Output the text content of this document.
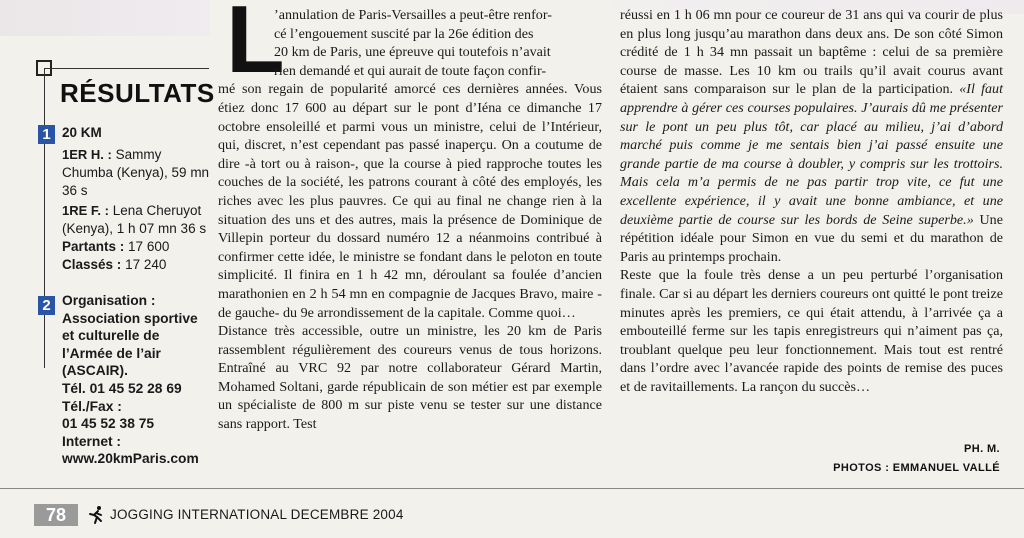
RÉSULTATS
1 20 KM
1ER H. : Sammy Chumba (Kenya), 59 mn 36 s
1RE F. : Lena Cheruyot (Kenya), 1 h 07 mn 36 s
Partants : 17 600
Classés : 17 240
2 Organisation :
Association sportive et culturelle de l’Armée de l’air (ASCAIR).
Tél. 01 45 52 28 69
Tél./Fax :
01 45 52 38 75
Internet :
www.20kmParis.com
L

’annulation de Paris-Versailles a peut-être renfor-
cé l’engouement suscité par la 26e édition des
20 km de Paris, une épreuve qui toutefois n’avait
rien demandé et qui aurait de toute façon confir-
mé son regain de popularité amorcé ces dernières années. Vous étiez donc 17 600 au départ sur le pont d’Iéna ce dimanche 17 octobre ensoleillé et parmi vous un ministre, celui de l’Intérieur, qui, discret, n’est cependant pas passé inaperçu. On a coutume de dire -à tort ou à raison-, que la course à pied rapproche toutes les couches de la société, les patrons courant à côté des employés, les riches avec les plus pauvres. Ce qui au final ne change rien à la situation des uns et des autres, mais la présence de Dominique de Villepin porteur du dossard numéro 12 a néanmoins contribué à confirmer cette idée, le ministre se fondant dans le peloton en toute simplicité. Il finira en 1 h 42 mn, déroulant sa foulée d’ancien marathonien en 2 h 54 mn en compagnie de Jacques Bravo, maire -de gauche- du 9e arrondissement de la capitale. Comme quoi…

Distance très accessible, outre un ministre, les 20 km de Paris rassemblent régulièrement des coureurs venus de tous horizons. Entraîné au VRC 92 par notre collaborateur Gérard Martin, Mohamed Soltani, garde républicain de son métier est par exemple un spécialiste de 800 m sur piste venu se tester sur une distance sans rapport. Test

réussi en 1 h 06 mn pour ce coureur de 31 ans qui va courir de plus en plus long jusqu’au marathon dans deux ans. De son côté Simon crédité de 1 h 34 mn passait un baptême : celui de sa première course de masse. Les 10 km ou trails qu’il avait courus avant étaient sans comparaison sur le plan de la participation. «Il faut apprendre à gérer ces courses populaires. J’aurais dû me présenter sur le pont un peu plus tôt, car placé au milieu, j’ai d’abord marché puis comme je me sentais bien j’ai passé ensuite une grande partie de ma course à doubler, y compris sur les trottoirs. Mais cela m’a permis de ne pas partir trop vite, ce fut une excellente expérience, il y avait une bonne ambiance, et une deuxième partie de course sur les bords de Seine superbe.» Une répétition idéale pour Simon en vue du semi et du marathon de Paris au printemps prochain.

Reste que la foule très dense a un peu perturbé l’organisation finale. Car si au départ les derniers coureurs ont quitté le pont treize minutes après les premiers, ce qui était attendu, à l’arrivée ça a embouteillé ferme sur les tapis enregistreurs qui n’aiment pas ça, troublant quelque peu leur fonctionnement. Mais tout est rentré dans l’ordre avec l’avancée rapide des points de remise des puces et de ravitaillements. La rançon du succès…

PH. M.
PHOTOS : EMMANUEL VALLÉ
78	JOGGING INTERNATIONAL DECEMBRE 2004
